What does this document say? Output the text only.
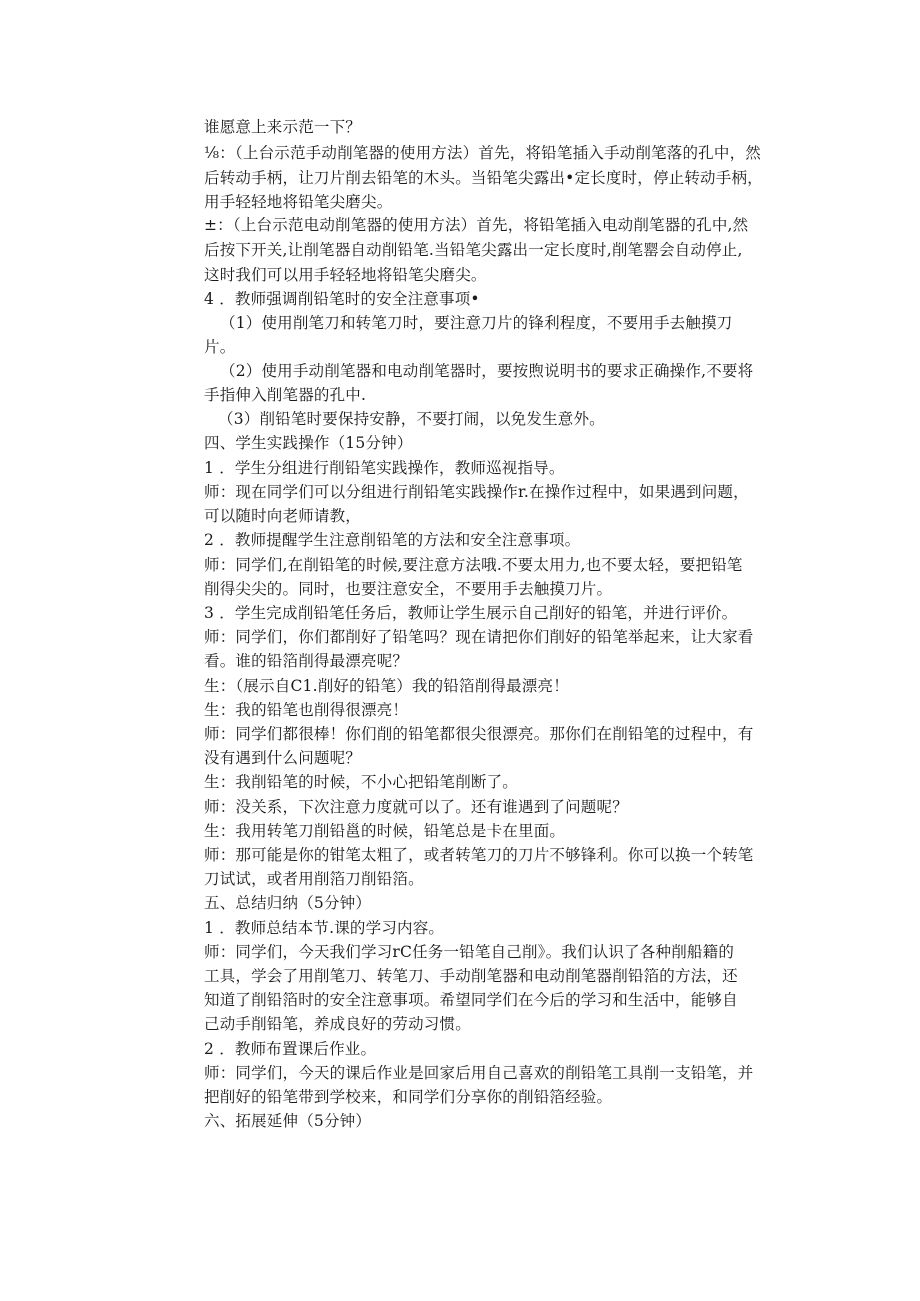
谁愿意上来示范一下？
⅛：（上台示范手动削笔器的使用方法）首先，将铅笔插入手动削笔落的孔中，然
后转动手柄，让刀片削去铅笔的木头。当铅笔尖露出•定长度时，停止转动手柄，
用手轻轻地将铅笔尖磨尖。
±：（上台示范电动削笔器的使用方法）首先，将铅笔插入电动削笔器的孔中,然
后按下开关,让削笔器自动削铅笔.当铅笔尖露出一定长度时,削笔罂会自动停止,
这时我们可以用手轻轻地将铅笔尖磨尖。
4 ．教师强调削铅笔时的安全注意事项•
（1）使用削笔刀和转笔刀时，要注意刀片的锋利程度，不要用手去触摸刀
片。
（2）使用手动削笔器和电动削笔器时，要按煦说明书的要求正确操作,不要将
手指伸入削笔器的孔中.
（3）削铅笔时要保持安静，不要打闹，以免发生意外。
四、学生实践操作（15分钟）
1 ．学生分组进行削铅笔实践操作，教师巡视指导。
师：现在同学们可以分组进行削铅笔实践操作r.在操作过程中，如果遇到问题，
可以随时向老师请教，
2 ．教师提醒学生注意削铅笔的方法和安全注意事项。
师：同学们,在削铅笔的时候,要注意方法哦.不要太用力,也不要太轻，要把铅笔
削得尖尖的。同时，也要注意安全，不要用手去触摸刀片。
3 ．学生完成削铅笔任务后，教师让学生展示自己削好的铅笔，并进行评价。
师：同学们，你们都削好了铅笔吗？现在请把你们削好的铅笔举起来，让大家看
看。谁的铅箔削得最漂亮呢？
生：（展示自C1.削好的铅笔）我的铅箔削得最漂亮！
生：我的铅笔也削得很漂亮！
师：同学们都很棒！你们削的铅笔都很尖很漂亮。那你们在削铅笔的过程中，有
没有遇到什么问题呢？
生：我削铅笔的时候，不小心把铅笔削断了。
师：没关系，下次注意力度就可以了。还有谁遇到了问题呢？
生：我用转笔刀削铅邕的时候，铅笔总是卡在里面。
师：那可能是你的钳笔太粗了，或者转笔刀的刀片不够锋利。你可以换一个转笔
刀试试，或者用削箔刀削铅箔。
五、总结归纳（5分钟）
1 ．教师总结本节.课的学习内容。
师：同学们，今天我们学习rC任务一铅笔自己削》。我们认识了各种削船籍的
工具，学会了用削笔刀、转笔刀、手动削笔器和电动削笔器削铅箔的方法，还
知道了削铅箔时的安全注意事项。希望同学们在今后的学习和生活中，能够自
己动手削铅笔，养成良好的劳动习惯。
2 ．教师布置课后作业。
师：同学们，今天的课后作业是回家后用自己喜欢的削铅笔工具削一支铅笔，并
把削好的铅笔带到学校来，和同学们分享你的削铅箔经验。
六、拓展延伸（5分钟）
